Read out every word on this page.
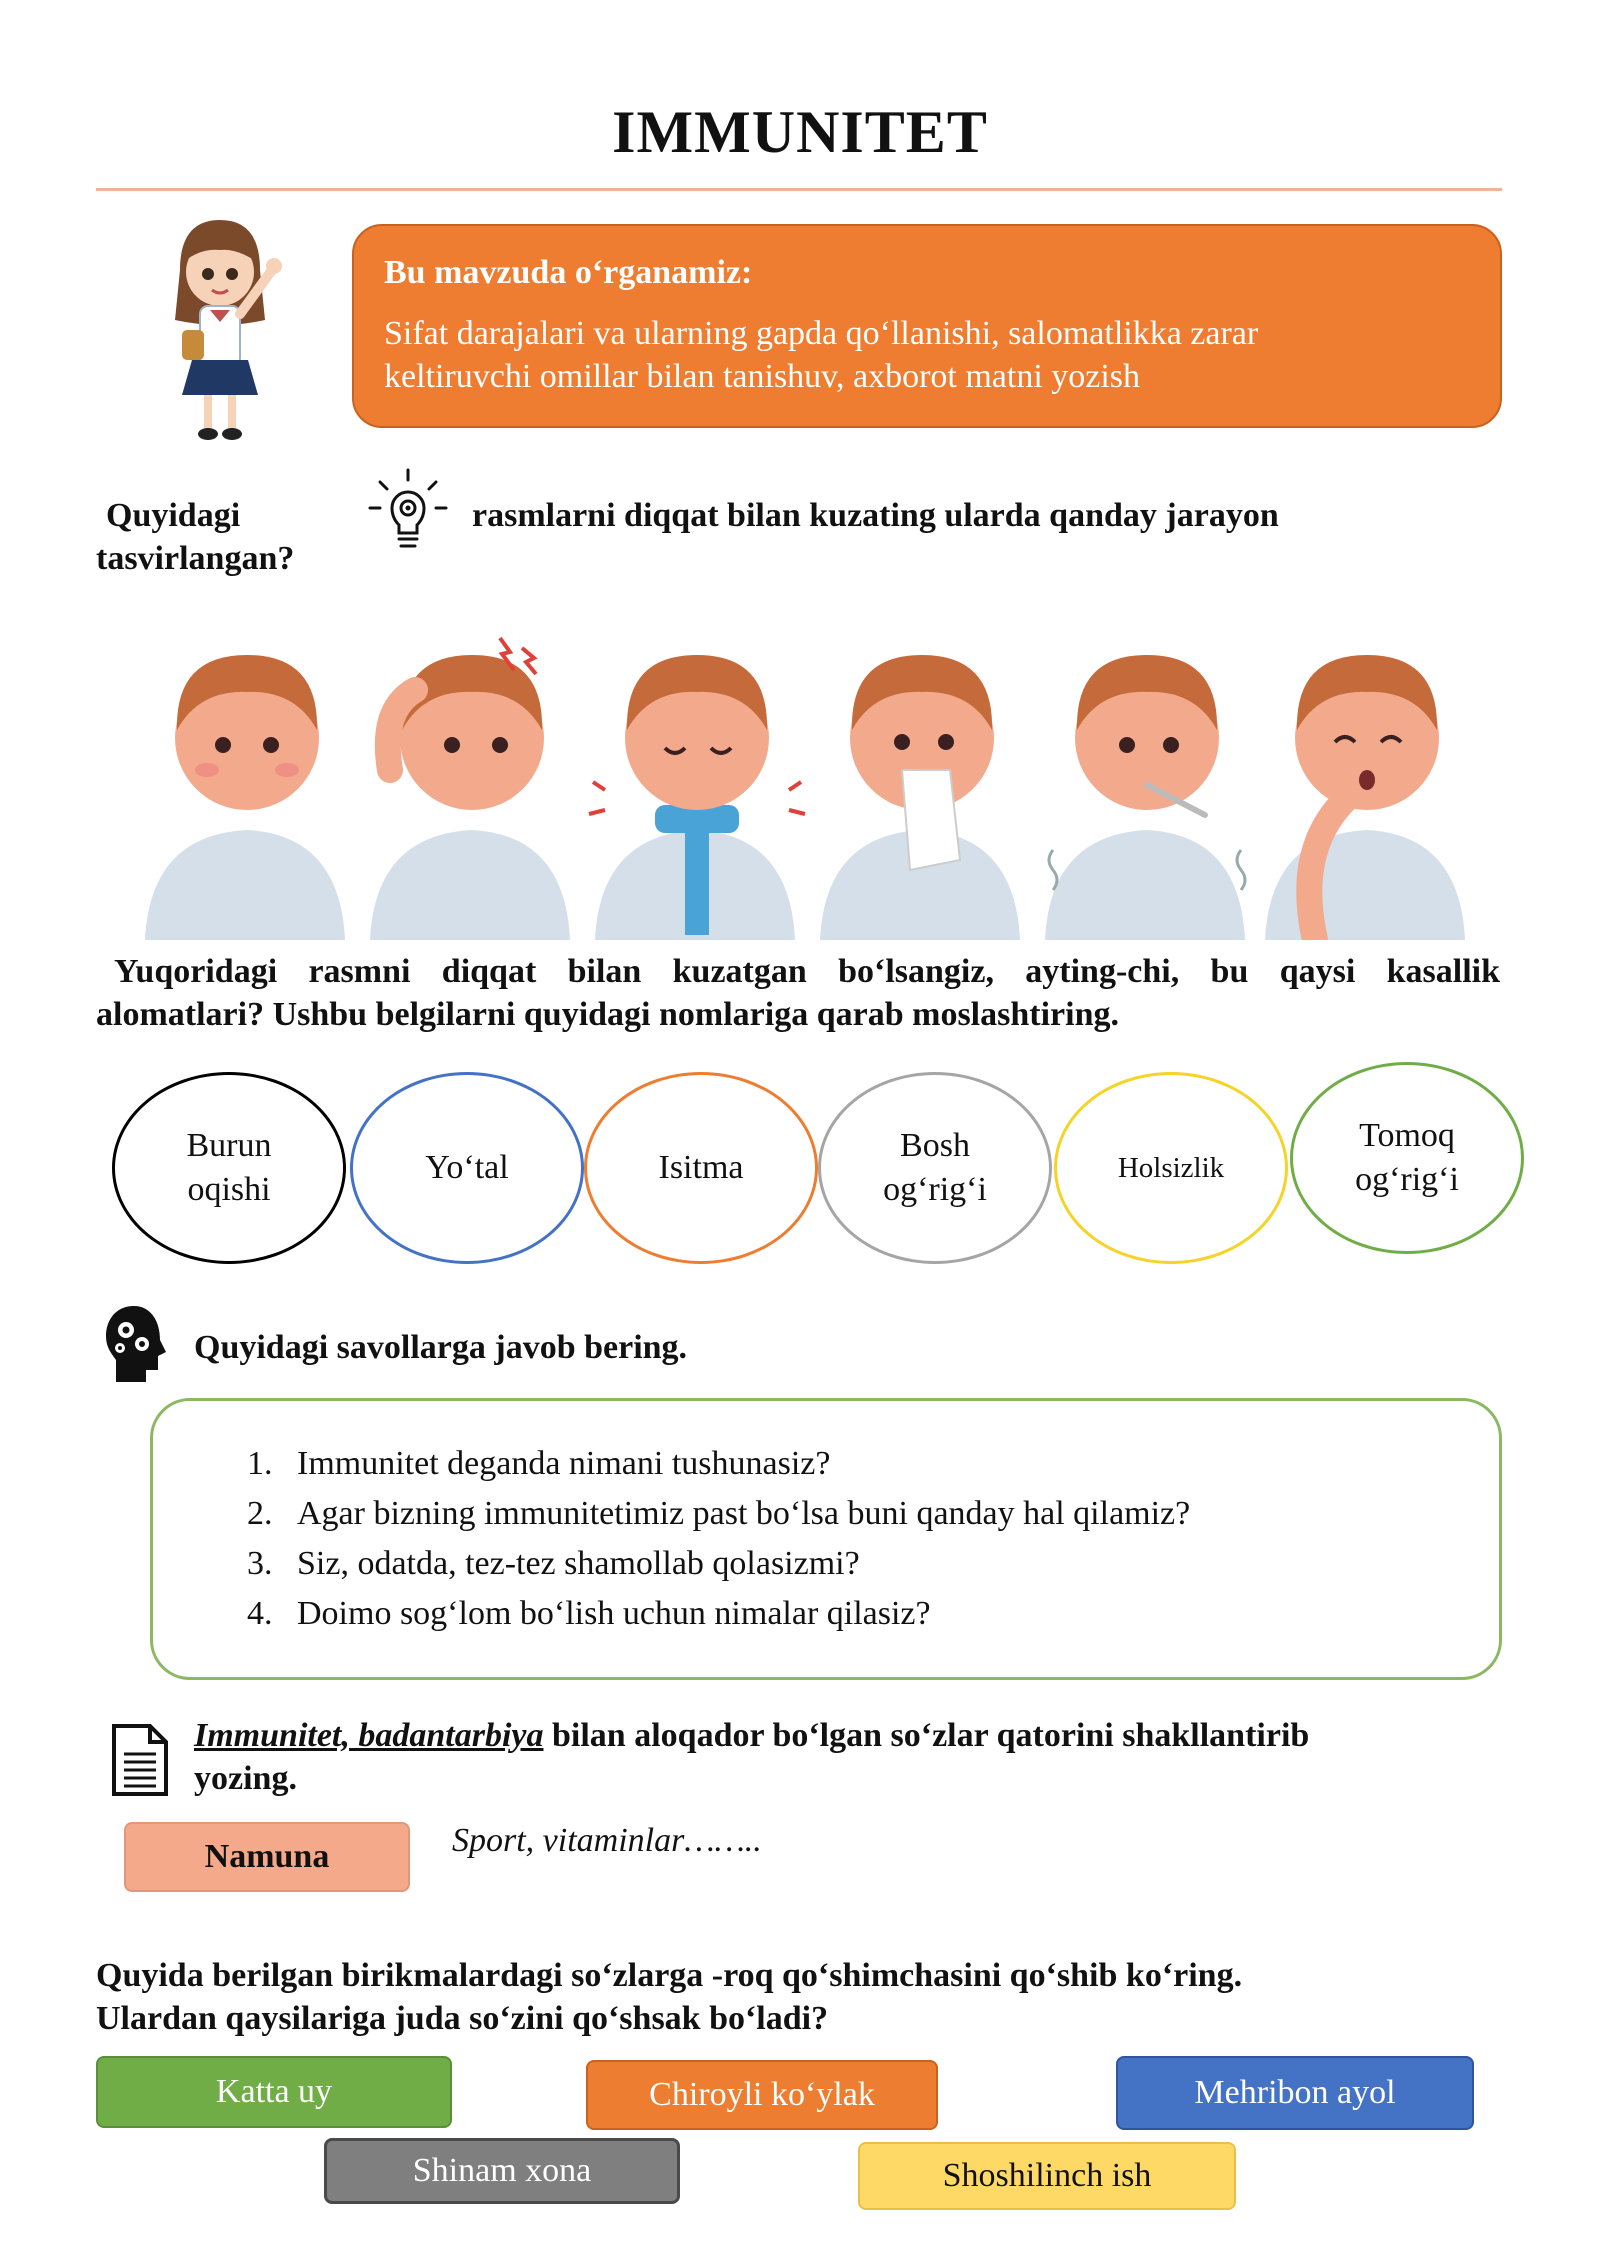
IMMUNITET
Bu mavzuda o‘rganamiz:
Sifat darajalari va ularning gapda qo‘llanishi, salomatlikka zarar
keltiruvchi omillar bilan tanishuv, axborot matni yozish
Quyidagi
tasvirlangan?
rasmlarni diqqat bilan kuzating ularda qanday jarayon
Yuqoridagi rasmni diqqat bilan kuzatgan bo‘lsangiz, ayting-chi, bu qaysi kasallik
alomatlari? Ushbu belgilarni quyidagi nomlariga qarab moslashtiring.
Burun
oqishi
Yo‘tal	Isitma
Bosh
og‘rig‘i
Holsizlik
Tomoq
og‘rig‘i
Quyidagi savollarga javob bering.
1. Immunitet deganda nimani tushunasiz?
2. Agar bizning immunitetimiz past bo‘lsa buni qanday hal qilamiz?
3. Siz, odatda, tez-tez shamollab qolasizmi?
4. Doimo sog‘lom bo‘lish uchun nimalar qilasiz?
Immunitet, badantarbiya bilan aloqador bo‘lgan so‘zlar qatorini shakllantirib
yozing.
Namuna	Sport, vitaminlar……..
Quyida berilgan birikmalardagi so‘zlarga -roq qo‘shimchasini qo‘shib ko‘ring.
Ulardan qaysilariga juda so‘zini qo‘shsak bo‘ladi?
Katta uy	Chiroyli ko‘ylak	Mehribon ayol
Shinam xona	Shoshilinch ish
